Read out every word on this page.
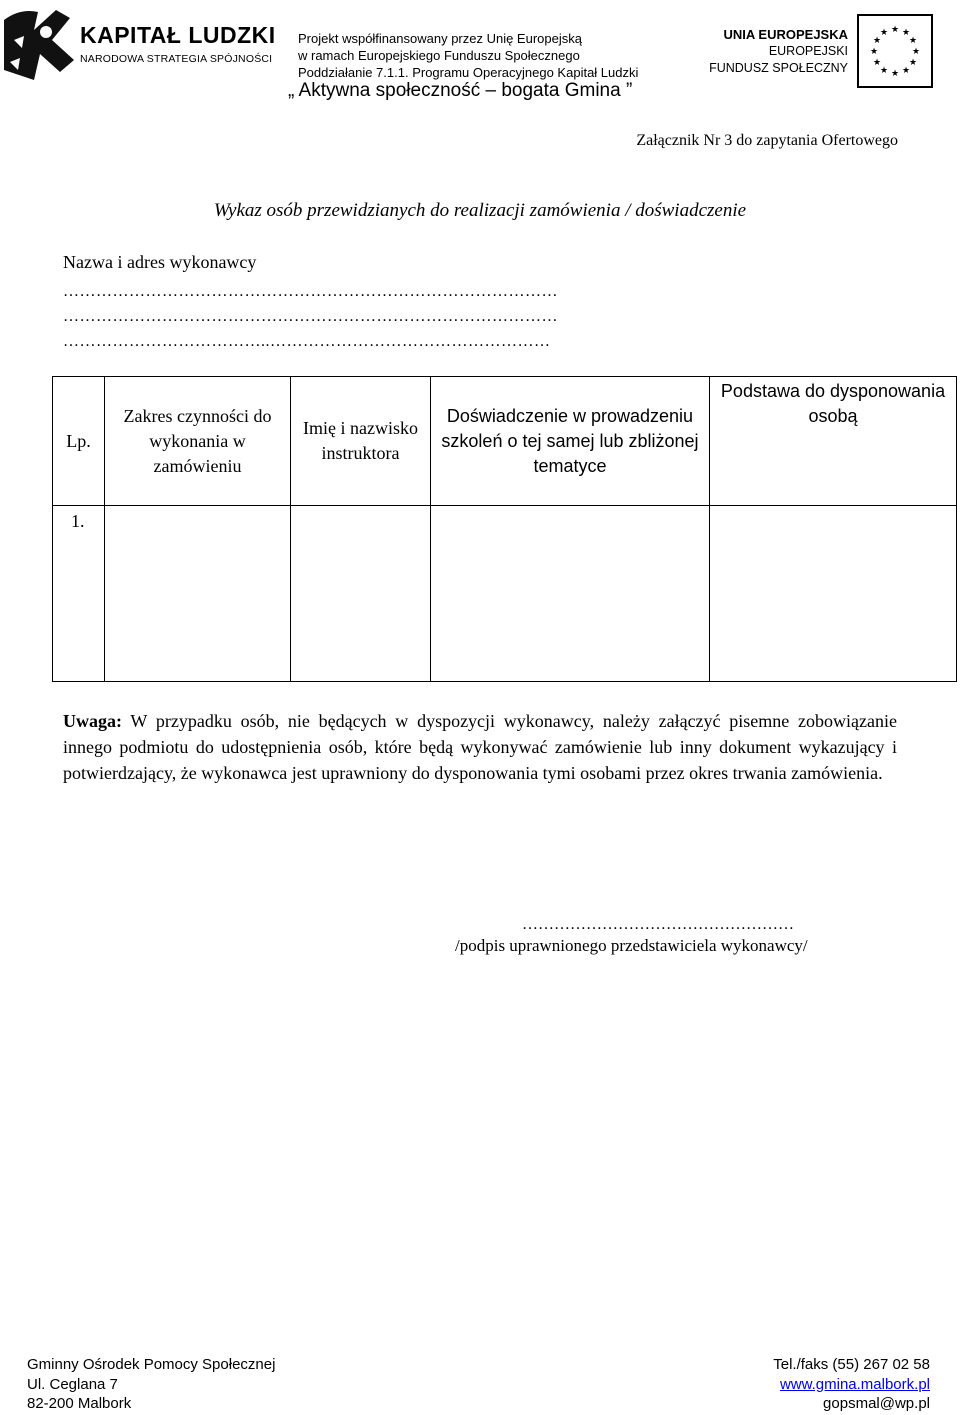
KAPITAŁ LUDZKI
NARODOWA STRATEGIA SPÓJNOŚCI
Projekt współfinansowany przez Unię Europejską
w ramach Europejskiego Funduszu Społecznego
Poddziałanie 7.1.1. Programu Operacyjnego Kapitał Ludzki
„ Aktywna społeczność – bogata Gmina ”
UNIA EUROPEJSKA
EUROPEJSKI
FUNDUSZ SPOŁECZNY
★ ★
★
★
★
★
★
★
★
★
★
★
Załącznik Nr 3 do zapytania Ofertowego
Wykaz osób przewidzianych do realizacji zamówienia / doświadczenie
Nazwa i adres wykonawcy
………………………………………………………………………………
………………………………………………………………………………
………………………………..……………………………………………
Lp.
Zakres czynności do wykonania w zamówieniu
Imię i nazwisko instruktora
Doświadczenie w prowadzeniu szkoleń o tej samej lub zbliżonej tematyce
Podstawa do dysponowania osobą
1.
Uwaga: W przypadku osób, nie będących w dyspozycji wykonawcy, należy załączyć pisemne zobowiązanie innego podmiotu do udostępnienia osób, które będą wykonywać zamówienie lub inny dokument wykazujący i potwierdzający, że wykonawca jest uprawniony do dysponowania tymi osobami przez okres trwania zamówienia.
……………………………………………
/podpis uprawnionego przedstawiciela wykonawcy/
Gminny Ośrodek Pomocy Społecznej
Ul. Ceglana 7
82-200 Malbork
Tel./faks (55) 267 02 58
www.gmina.malbork.pl
gopsmal@wp.pl
